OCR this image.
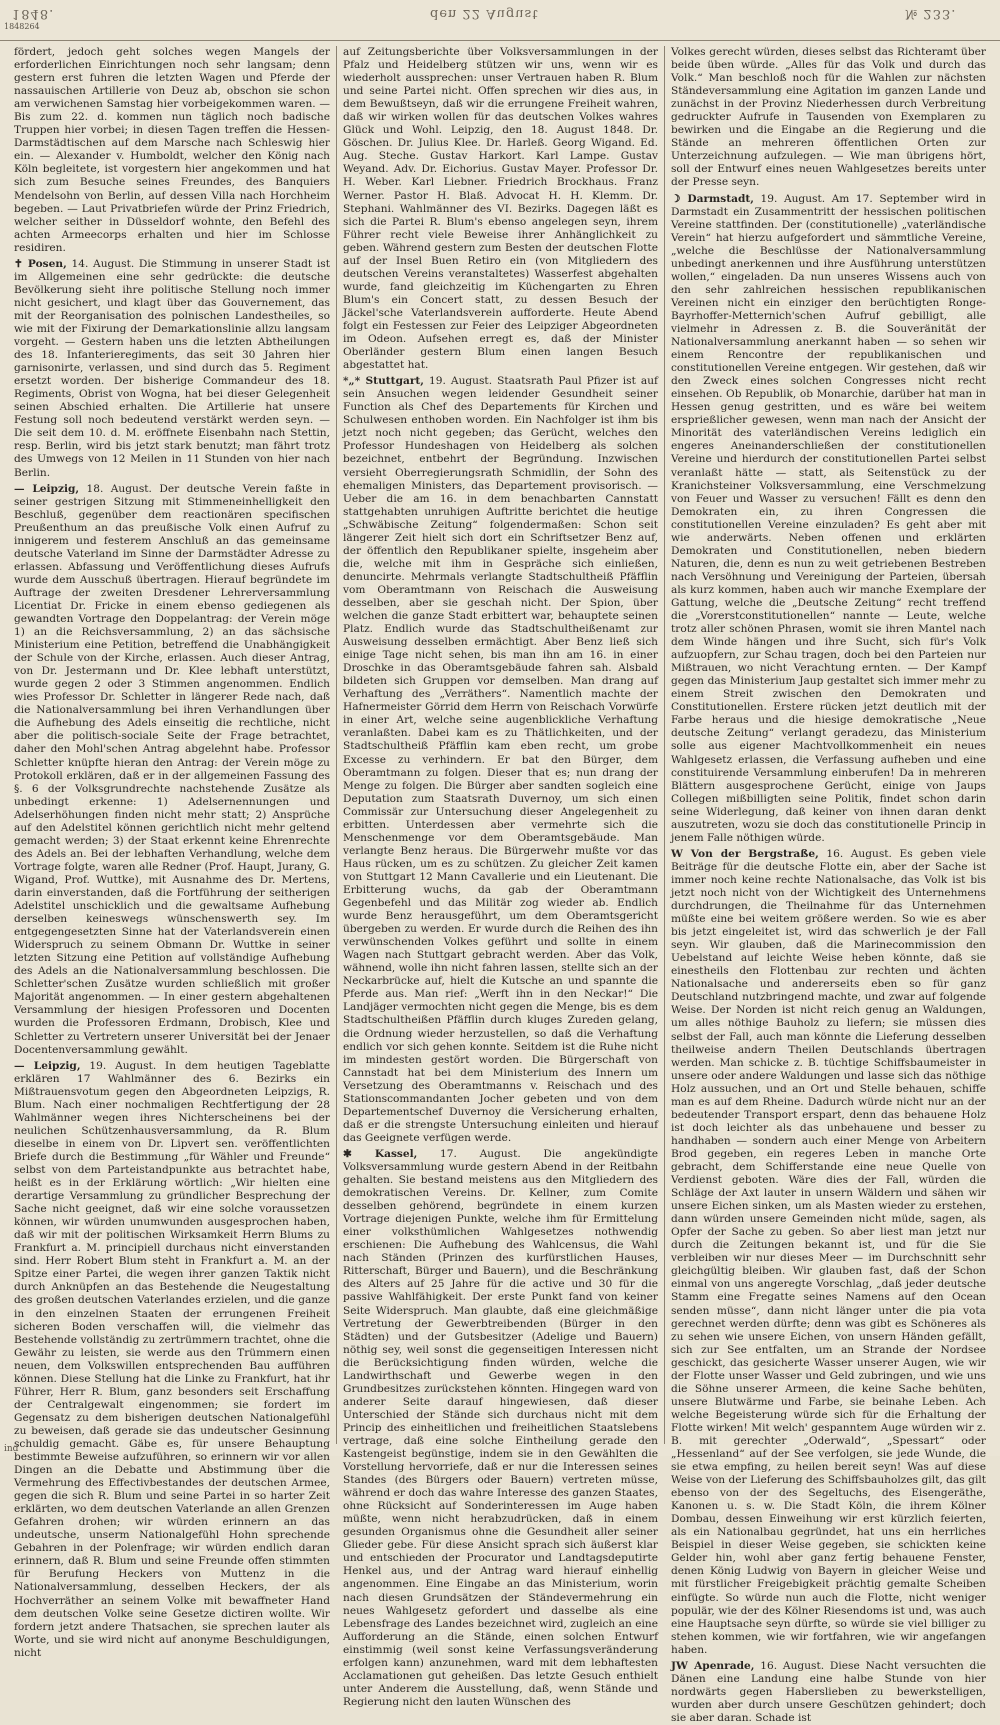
1848.	den 22 August	№ 233.
1848264

fördert, jedoch geht solches wegen Mangels der erforderlichen Einrichtungen noch sehr langsam; denn gestern erst fuhren die letzten Wagen und Pferde der nassauischen Artillerie von Deuz ab, obschon sie schon am verwichenen Samstag hier vorbeigekommen waren. — Bis zum 22. d. kommen nun täglich noch badische Truppen hier vorbei; in diesen Tagen treffen die Hessen-Darmstädtischen auf dem Marsche nach Schleswig hier ein. — Alexander v. Humboldt, welcher den König nach Köln begleitete, ist vorgestern hier angekommen und hat sich zum Besuche seines Freundes, des Banquiers Mendelsohn von Berlin, auf dessen Villa nach Horchheim begeben. — Laut Privatbriefen würde der Prinz Friedrich, welcher seither in Düsseldorf wohnte, den Befehl des achten Armeecorps erhalten und hier im Schlosse residiren.

✝ Posen, 14. August. Die Stimmung in unserer Stadt ist im Allgemeinen eine sehr gedrückte: die deutsche Bevölkerung sieht ihre politische Stellung noch immer nicht gesichert, und klagt über das Gouvernement, das mit der Reorganisation des polnischen Landestheiles, so wie mit der Fixirung der Demarkationslinie allzu langsam vorgeht. — Gestern haben uns die letzten Abtheilungen des 18. Infanterieregiments, das seit 30 Jahren hier garnisonirte, verlassen, und sind durch das 5. Regiment ersetzt worden. Der bisherige Commandeur des 18. Regiments, Obrist von Wogna, hat bei dieser Gelegenheit seinen Abschied erhalten. Die Artillerie hat unsere Festung soll noch bedeutend verstärkt werden seyn. — Die seit dem 10. d. M. eröffnete Eisenbahn nach Stettin, resp. Berlin, wird bis jetzt stark benutzt; man fährt trotz des Umwegs von 12 Meilen in 11 Stunden von hier nach Berlin.

— Leipzig, 18. August. Der deutsche Verein faßte in seiner gestrigen Sitzung mit Stimmeneinhelligkeit den Beschluß, gegenüber dem reactionären specifischen Preußenthum an das preußische Volk einen Aufruf zu innigerem und festerem Anschluß an das gemeinsame deutsche Vaterland im Sinne der Darmstädter Adresse zu erlassen. Abfassung und Veröffentlichung dieses Aufrufs wurde dem Ausschuß übertragen. Hierauf begründete im Auftrage der zweiten Dresdener Lehrerversammlung Licentiat Dr. Fricke in einem ebenso gediegenen als gewandten Vortrage den Doppelantrag: der Verein möge 1) an die Reichsversammlung, 2) an das sächsische Ministerium eine Petition, betreffend die Unabhängigkeit der Schule von der Kirche, erlassen. Auch dieser Antrag, von Dr. Jestermann und Dr. Klee lebhaft unterstützt, wurde gegen 2 oder 3 Stimmen angenommen. Endlich wies Professor Dr. Schletter in längerer Rede nach, daß die Nationalversammlung bei ihren Verhandlungen über die Aufhebung des Adels einseitig die rechtliche, nicht aber die politisch-sociale Seite der Frage betrachtet, daher den Mohl'schen Antrag abgelehnt habe. Professor Schletter knüpfte hieran den Antrag: der Verein möge zu Protokoll erklären, daß er in der allgemeinen Fassung des §. 6 der Volksgrundrechte nachstehende Zusätze als unbedingt erkenne: 1) Adelsernennungen und Adelserhöhungen finden nicht mehr statt; 2) Ansprüche auf den Adelstitel können gerichtlich nicht mehr geltend gemacht werden; 3) der Staat erkennt keine Ehrenrechte des Adels an. Bei der lebhaften Verhandlung, welche dem Vortrage folgte, waren alle Redner (Prof. Haupt, Jurany, G. Wigand, Prof. Wuttke), mit Ausnahme des Dr. Mertens, darin einverstanden, daß die Fortführung der seitherigen Adelstitel unschicklich und die gewaltsame Aufhebung derselben keineswegs wünschenswerth sey. Im entgegengesetzten Sinne hat der Vaterlandsverein einen Widerspruch zu seinem Obmann Dr. Wuttke in seiner letzten Sitzung eine Petition auf vollständige Aufhebung des Adels an die Nationalversammlung beschlossen. Die Schletter'schen Zusätze wurden schließlich mit großer Majorität angenommen. — In einer gestern abgehaltenen Versammlung der hiesigen Professoren und Docenten wurden die Professoren Erdmann, Drobisch, Klee und Schletter zu Vertretern unserer Universität bei der Jenaer Docentenversammlung gewählt.

— Leipzig, 19. August. In dem heutigen Tageblatte erklären 17 Wahlmänner des 6. Bezirks ein Mißtrauensvotum gegen den Abgeordneten Leipzigs, R. Blum. Nach einer nochmaligen Rechtfertigung der 28 Wahlmänner wegen ihres Nichterscheinens bei der neulichen Schützenhausversammlung, da R. Blum dieselbe in einem von Dr. Lipvert sen. veröffentlichten Briefe durch die Bestimmung „für Wähler und Freunde“ selbst von dem Parteistandpunkte aus betrachtet habe, heißt es in der Erklärung wörtlich: „Wir hielten eine derartige Versammlung zu gründlicher Besprechung der Sache nicht geeignet, daß wir eine solche voraussetzen können, wir würden unumwunden ausgesprochen haben, daß wir mit der politischen Wirksamkeit Herrn Blums zu Frankfurt a. M. principiell durchaus nicht einverstanden sind. Herr Robert Blum steht in Frankfurt a. M. an der Spitze einer Partei, die wegen ihrer ganzen Taktik nicht durch Anknüpfen an das Bestehende die Neugestaltung des großen deutschen Vaterlandes erzielen, und die ganze in den einzelnen Staaten der errungenen Freiheit sicheren Boden verschaffen will, die vielmehr das Bestehende vollständig zu zertrümmern trachtet, ohne die Gewähr zu leisten, sie werde aus den Trümmern einen neuen, dem Volkswillen entsprechenden Bau aufführen können. Diese Stellung hat die Linke zu Frankfurt, hat ihr Führer, Herr R. Blum, ganz besonders seit Erschaffung der Centralgewalt eingenommen; sie fordert im Gegensatz zu dem bisherigen deutschen Nationalgefühl zu beweisen, daß gerade sie das undeutscher Gesinnung schuldig gemacht. Gäbe es, für unsere Behauptung bestimmte Beweise aufzuführen, so erinnern wir vor allen Dingen an die Debatte und Abstimmung über die Vermehrung des Effectivbestandes der deutschen Armee, gegen die sich R. Blum und seine Partei in so harter Zeit erklärten, wo dem deutschen Vaterlande an allen Grenzen Gefahren drohen; wir würden erinnern an das undeutsche, unserm Nationalgefühl Hohn sprechende Gebahren in der Polenfrage; wir würden endlich daran erinnern, daß R. Blum und seine Freunde offen stimmten für Berufung Heckers von Muttenz in die Nationalversammlung, desselben Heckers, der als Hochverräther an seinem Volke mit bewaffneter Hand dem deutschen Volke seine Gesetze dictiren wollte. Wir fordern jetzt andere Thatsachen, sie sprechen lauter als Worte, und sie wird nicht auf anonyme Beschuldigungen, nicht

auf Zeitungsberichte über Volksversammlungen in der Pfalz und Heidelberg stützen wir uns, wenn wir es wiederholt aussprechen: unser Vertrauen haben R. Blum und seine Partei nicht. Offen sprechen wir dies aus, in dem Bewußtseyn, daß wir die errungene Freiheit wahren, daß wir wirken wollen für das deutschen Volkes wahres Glück und Wohl. Leipzig, den 18. August 1848. Dr. Göschen. Dr. Julius Klee. Dr. Harleß. Georg Wigand. Ed. Aug. Steche. Gustav Harkort. Karl Lampe. Gustav Weyand. Adv. Dr. Eichorius. Gustav Mayer. Professor Dr. H. Weber. Karl Liebner. Friedrich Brockhaus. Franz Werner. Pastor H. Blaß. Advocat H. H. Klemm. Dr. Stephani. Wahlmänner des VI. Bezirks. Dagegen läßt es sich die Partei R. Blum's ebenso angelegen seyn, ihrem Führer recht viele Beweise ihrer Anhänglichkeit zu geben. Während gestern zum Besten der deutschen Flotte auf der Insel Buen Retiro ein (von Mitgliedern des deutschen Vereins veranstaltetes) Wasserfest abgehalten wurde, fand gleichzeitig im Küchengarten zu Ehren Blum's ein Concert statt, zu dessen Besuch der Jäckel'sche Vaterlandsverein aufforderte. Heute Abend folgt ein Festessen zur Feier des Leipziger Abgeordneten im Odeon. Aufsehen erregt es, daß der Minister Oberländer gestern Blum einen langen Besuch abgestattet hat.

*„* Stuttgart, 19. August. Staatsrath Paul Pfizer ist auf sein Ansuchen wegen leidender Gesundheit seiner Function als Chef des Departements für Kirchen und Schulwesen enthoben worden. Ein Nachfolger ist ihm bis jetzt noch nicht gegeben; das Gerücht, welches den Professor Hundeshagen von Heidelberg als solchen bezeichnet, entbehrt der Begründung. Inzwischen versieht Oberregierungsrath Schmidlin, der Sohn des ehemaligen Ministers, das Departement provisorisch. — Ueber die am 16. in dem benachbarten Cannstatt stattgehabten unruhigen Auftritte berichtet die heutige „Schwäbische Zeitung“ folgendermaßen: Schon seit längerer Zeit hielt sich dort ein Schriftsetzer Benz auf, der öffentlich den Republikaner spielte, insgeheim aber die, welche mit ihm in Gespräche sich einließen, denuncirte. Mehrmals verlangte Stadtschultheiß Pfäfflin vom Oberamtmann von Reischach die Ausweisung desselben, aber sie geschah nicht. Der Spion, über welchen die ganze Stadt erbittert war, behauptete seinen Platz. Endlich wurde das Stadtschultheißenamt zur Ausweisung desselben ermächtigt. Aber Benz ließ sich einige Tage nicht sehen, bis man ihn am 16. in einer Droschke in das Oberamtsgebäude fahren sah. Alsbald bildeten sich Gruppen vor demselben. Man drang auf Verhaftung des „Verräthers“. Namentlich machte der Hafnermeister Görrid dem Herrn von Reischach Vorwürfe in einer Art, welche seine augenblickliche Verhaftung veranlaßten. Dabei kam es zu Thätlichkeiten, und der Stadtschultheiß Pfäfflin kam eben recht, um grobe Excesse zu verhindern. Er bat den Bürger, dem Oberamtmann zu folgen. Dieser that es; nun drang der Menge zu folgen. Die Bürger aber sandten sogleich eine Deputation zum Staatsrath Duvernoy, um sich einen Commissär zur Untersuchung dieser Angelegenheit zu erbitten. Unterdessen aber vermehrte sich die Menschenmenge vor dem Oberamtsgebäude. Man verlangte Benz heraus. Die Bürgerwehr mußte vor das Haus rücken, um es zu schützen. Zu gleicher Zeit kamen von Stuttgart 12 Mann Cavallerie und ein Lieutenant. Die Erbitterung wuchs, da gab der Oberamtmann Gegenbefehl und das Militär zog wieder ab. Endlich wurde Benz herausgeführt, um dem Oberamtsgericht übergeben zu werden. Er wurde durch die Reihen des ihn verwünschenden Volkes geführt und sollte in einem Wagen nach Stuttgart gebracht werden. Aber das Volk, wähnend, wolle ihn nicht fahren lassen, stellte sich an der Neckarbrücke auf, hielt die Kutsche an und spannte die Pferde aus. Man rief: „Werft ihn in den Neckar!“ Die Landjäger vermochten nicht gegen die Menge, bis es dem Stadtschultheißen Pfäfflin durch kluges Zureden gelang, die Ordnung wieder herzustellen, so daß die Verhaftung endlich vor sich gehen konnte. Seitdem ist die Ruhe nicht im mindesten gestört worden. Die Bürgerschaft von Cannstadt hat bei dem Ministerium des Innern um Versetzung des Oberamtmanns v. Reischach und des Stationscommandanten Jocher gebeten und von dem Departementschef Duvernoy die Versicherung erhalten, daß er die strengste Untersuchung einleiten und hierauf das Geeignete verfügen werde.

✱ Kassel, 17. August. Die angekündigte Volksversammlung wurde gestern Abend in der Reitbahn gehalten. Sie bestand meistens aus den Mitgliedern des demokratischen Vereins. Dr. Kellner, zum Comite desselben gehörend, begründete in einem kurzen Vortrage diejenigen Punkte, welche ihm für Ermittelung einer volksthümlichen Wahlgesetzes nothwendig erschienen: Die Aufhebung des Wahlcensus, die Wahl nach Ständen (Prinzen des kurfürstlichen Hauses, Ritterschaft, Bürger und Bauern), und die Beschränkung des Alters auf 25 Jahre für die active und 30 für die passive Wahlfähigkeit. Der erste Punkt fand von keiner Seite Widerspruch. Man glaubte, daß eine gleichmäßige Vertretung der Gewerbtreibenden (Bürger in den Städten) und der Gutsbesitzer (Adelige und Bauern) nöthig sey, weil sonst die gegenseitigen Interessen nicht die Berücksichtigung finden würden, welche die Landwirthschaft und Gewerbe wegen in den Grundbesitzes zurückstehen könnten. Hingegen ward von anderer Seite darauf hingewiesen, daß dieser Unterschied der Stände sich durchaus nicht mit dem Princip des einheitlichen und freiheitlichen Staatslebens vertrage, daß eine solche Eintheilung gerade den Kastengeist begünstige, indem sie in den Gewählten die Vorstellung hervorriefe, daß er nur die Interessen seines Standes (des Bürgers oder Bauern) vertreten müsse, während er doch das wahre Interesse des ganzen Staates, ohne Rücksicht auf Sonderinteressen im Auge haben müßte, wenn nicht herabzudrücken, daß in einem gesunden Organismus ohne die Gesundheit aller seiner Glieder gebe. Für diese Ansicht sprach sich äußerst klar und entschieden der Procurator und Landtagsdeputirte Henkel aus, und der Antrag ward hierauf einhellig angenommen. Eine Eingabe an das Ministerium, worin nach diesen Grundsätzen der Ständevermehrung ein neues Wahlgesetz gefordert und dasselbe als eine Lebensfrage des Landes bezeichnet wird, zugleich an eine Aufforderung an die Stände, einen solchen Entwurf einstimmig (weil sonst keine Verfassungsveränderung erfolgen kann) anzunehmen, ward mit dem lebhaftesten Acclamationen gut geheißen. Das letzte Gesuch enthielt unter Anderem die Ausstellung, daß, wenn Stände und Regierung nicht den lauten Wünschen des

Volkes gerecht würden, dieses selbst das Richteramt über beide üben würde. „Alles für das Volk und durch das Volk.“ Man beschloß noch für die Wahlen zur nächsten Ständeversammlung eine Agitation im ganzen Lande und zunächst in der Provinz Niederhessen durch Verbreitung gedruckter Aufrufe in Tausenden von Exemplaren zu bewirken und die Eingabe an die Regierung und die Stände an mehreren öffentlichen Orten zur Unterzeichnung aufzulegen. — Wie man übrigens hört, soll der Entwurf eines neuen Wahlgesetzes bereits unter der Presse seyn.

☽ Darmstadt, 19. August. Am 17. September wird in Darmstadt ein Zusammentritt der hessischen politischen Vereine stattfinden. Der (constitutionelle) „vaterländische Verein“ hat hierzu aufgefordert und sämmtliche Vereine, „welche die Beschlüsse der Nationalversammlung unbedingt anerkennen und ihre Ausführung unterstützen wollen,“ eingeladen. Da nun unseres Wissens auch von den sehr zahlreichen hessischen republikanischen Vereinen nicht ein einziger den berüchtigten Ronge-Bayrhoffer-Metternich'schen Aufruf gebilligt, alle vielmehr in Adressen z. B. die Souveränität der Nationalversammlung anerkannt haben — so sehen wir einem Rencontre der republikanischen und constitutionellen Vereine entgegen. Wir gestehen, daß wir den Zweck eines solchen Congresses nicht recht einsehen. Ob Republik, ob Monarchie, darüber hat man in Hessen genug gestritten, und es wäre bei weitem ersprießlicher gewesen, wenn man nach der Ansicht der Minorität des vaterländischen Vereins lediglich ein engeres Aneinanderschließen der constitutionellen Vereine und hierdurch der constitutionellen Partei selbst veranlaßt hätte — statt, als Seitenstück zu der Kranichsteiner Volksversammlung, eine Verschmelzung von Feuer und Wasser zu versuchen! Fällt es denn den Demokraten ein, zu ihren Congressen die constitutionellen Vereine einzuladen? Es geht aber mit wie anderwärts. Neben offenen und erklärten Demokraten und Constitutionellen, neben biedern Naturen, die, denn es nun zu weit getriebenen Bestreben nach Versöhnung und Vereinigung der Parteien, übersah als kurz kommen, haben auch wir manche Exemplare der Gattung, welche die „Deutsche Zeitung“ recht treffend die „Vorerstconstitutionellen“ nannte — Leute, welche trotz aller schönen Phrasen, womit sie ihren Mantel nach dem Winde hängen und ihre Sucht, sich für's Volk aufzuopfern, zur Schau tragen, doch bei den Parteien nur Mißtrauen, wo nicht Verachtung ernten. — Der Kampf gegen das Ministerium Jaup gestaltet sich immer mehr zu einem Streit zwischen den Demokraten und Constitutionellen. Erstere rücken jetzt deutlich mit der Farbe heraus und die hiesige demokratische „Neue deutsche Zeitung“ verlangt geradezu, das Ministerium solle aus eigener Machtvollkommenheit ein neues Wahlgesetz erlassen, die Verfassung aufheben und eine constituirende Versammlung einberufen! Da in mehreren Blättern ausgesprochene Gerücht, einige von Jaups Collegen mißbilligten seine Politik, findet schon darin seine Widerlegung, daß keiner von ihnen daran denkt auszutreten, wozu sie doch das constitutionelle Princip in jenem Falle nöthigen würde.

W Von der Bergstraße, 16. August. Es geben viele Beiträge für die deutsche Flotte ein, aber der Sache ist immer noch keine rechte Nationalsache, das Volk ist bis jetzt noch nicht von der Wichtigkeit des Unternehmens durchdrungen, die Theilnahme für das Unternehmen müßte eine bei weitem größere werden. So wie es aber bis jetzt eingeleitet ist, wird das schwerlich je der Fall seyn. Wir glauben, daß die Marinecommission den Uebelstand auf leichte Weise heben könnte, daß sie einestheils den Flottenbau zur rechten und ächten Nationalsache und andererseits eben so für ganz Deutschland nutzbringend machte, und zwar auf folgende Weise. Der Norden ist nicht reich genug an Waldungen, um alles nöthige Bauholz zu liefern; sie müssen dies selbst der Fall, auch man könnte die Lieferung desselben theilweise andern Theilen Deutschlands übertragen werden. Man schicke z. B. tüchtige Schiffsbaumeister in unsere oder andere Waldungen und lasse sich das nöthige Holz aussuchen, und an Ort und Stelle behauen, schiffe man es auf dem Rheine. Dadurch würde nicht nur an der bedeutender Transport erspart, denn das behauene Holz ist doch leichter als das unbehauene und besser zu handhaben — sondern auch einer Menge von Arbeitern Brod gegeben, ein regeres Leben in manche Orte gebracht, dem Schifferstande eine neue Quelle von Verdienst geboten. Wäre dies der Fall, würden die Schläge der Axt lauter in unsern Wäldern und sähen wir unsere Eichen sinken, um als Masten wieder zu erstehen, dann würden unsere Gemeinden nicht müde, sagen, als Opfer der Sache zu geben. So aber liest man jetzt nur durch die Zeitungen bekannt ist, und für die Sie verbleiben wir nur dieses Meer — im Durchschnitt sehr gleichgültig bleiben. Wir glauben fast, daß der Schon einmal von uns angeregte Vorschlag, „daß jeder deutsche Stamm eine Fregatte seines Namens auf den Ocean senden müsse“, dann nicht länger unter die pia vota gerechnet werden dürfte; denn was gibt es Schöneres als zu sehen wie unsere Eichen, von unsern Händen gefällt, sich zur See entfalten, um an Strande der Nordsee geschickt, das gesicherte Wasser unserer Augen, wie wir der Flotte unser Wasser und Geld zubringen, und wie uns die Söhne unserer Armeen, die keine Sache behüten, unsere Blutwärme und Farbe, sie beinahe Leben. Ach welche Begeisterung würde sich für die Erhaltung der Flotte wirken! Mit welch' gespanntem Auge würden wir z. B. mit gerechter „Oderwald“, „Spessart“ oder „Hessenland“ auf der See verfolgen, sie jede Wunde, die sie etwa empfing, zu heilen bereit seyn! Was auf diese Weise von der Lieferung des Schiffsbauholzes gilt, das gilt ebenso von der des Segeltuchs, des Eisengeräthe, Kanonen u. s. w. Die Stadt Köln, die ihrem Kölner Dombau, dessen Einweihung wir erst kürzlich feierten, als ein Nationalbau gegründet, hat uns ein herrliches Beispiel in dieser Weise gegeben, sie schickten keine Gelder hin, wohl aber ganz fertig behauene Fenster, denen König Ludwig von Bayern in gleicher Weise und mit fürstlicher Freigebigkeit prächtig gemalte Scheiben einfügte. So würde nun auch die Flotte, nicht weniger populär, wie der des Kölner Riesendoms ist und, was auch eine Hauptsache seyn dürfte, so würde sie viel billiger zu stehen kommen, wie wir fortfahren, wie wir angefangen haben.

JW Apenrade, 16. August. Diese Nacht versuchten die Dänen eine Landung eine halbe Stunde von hier nordwärts gegen Haberslieben zu bewerkstelligen, wurden aber durch unsere Geschützen gehindert; doch sie aber daran. Schade ist

ind
